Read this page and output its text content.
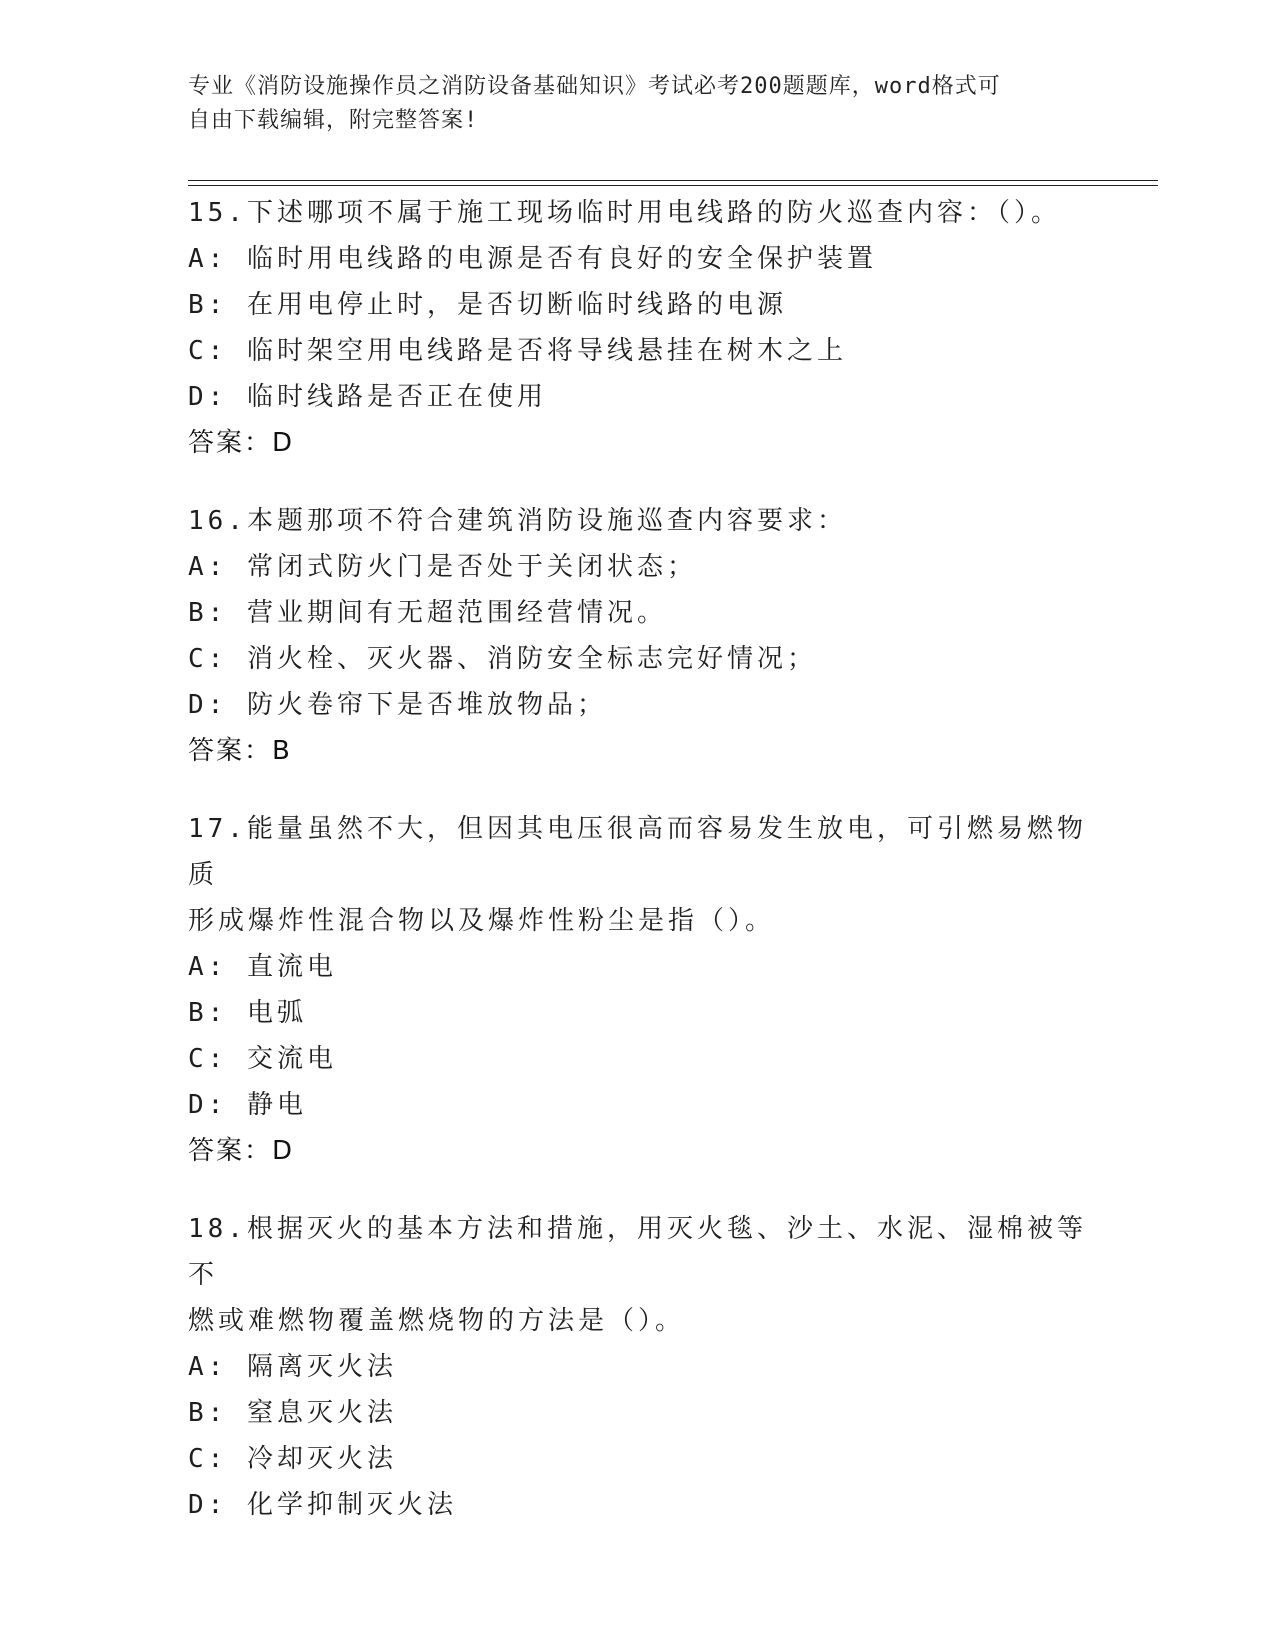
专业《消防设施操作员之消防设备基础知识》考试必考200题题库，word格式可
自由下载编辑，附完整答案!
15.下述哪项不属于施工现场临时用电线路的防火巡查内容：（）。
A: 临时用电线路的电源是否有良好的安全保护装置
B: 在用电停止时，是否切断临时线路的电源
C: 临时架空用电线路是否将导线悬挂在树木之上
D: 临时线路是否正在使用
答案：D
16.本题那项不符合建筑消防设施巡查内容要求：
A: 常闭式防火门是否处于关闭状态；
B: 营业期间有无超范围经营情况。
C: 消火栓、灭火器、消防安全标志完好情况；
D: 防火卷帘下是否堆放物品；
答案：B
17.能量虽然不大，但因其电压很高而容易发生放电，可引燃易燃物质
形成爆炸性混合物以及爆炸性粉尘是指（）。
A: 直流电
B: 电弧
C: 交流电
D: 静电
答案：D
18.根据灭火的基本方法和措施，用灭火毯、沙土、水泥、湿棉被等不
燃或难燃物覆盖燃烧物的方法是（）。
A: 隔离灭火法
B: 窒息灭火法
C: 冷却灭火法
D: 化学抑制灭火法
